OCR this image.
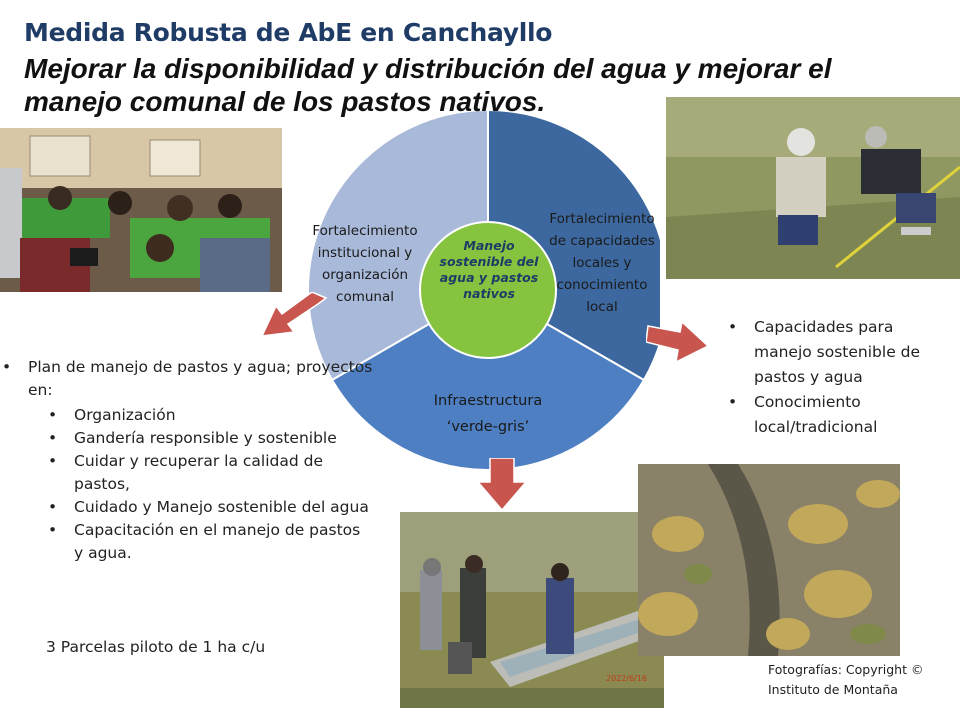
Medida Robusta de AbE en Canchayllo
Mejorar la disponibilidad y distribución del agua y mejorar el manejo comunal de los pastos nativos.
Fortalecimiento
institucional y
organización
comunal
Fortalecimiento
de capacidades
locales y
conocimiento
local
Infraestructura
‘verde-gris’
Manejo sostenible del agua y pastos nativos
2022/6/16
• Plan de manejo de pastos y agua; proyectos en:
• Organización
• Gandería responsible y sostenible
• Cuidar y recuperar la calidad de pastos,
• Cuidado y Manejo sostenible del agua
• Capacitación en el manejo de pastos y agua.
3 Parcelas piloto de 1 ha c/u
• Capacidades para manejo sostenible de pastos y agua
• Conocimiento local/tradicional
Fotografías: Copyright ©
Instituto de Montaña
